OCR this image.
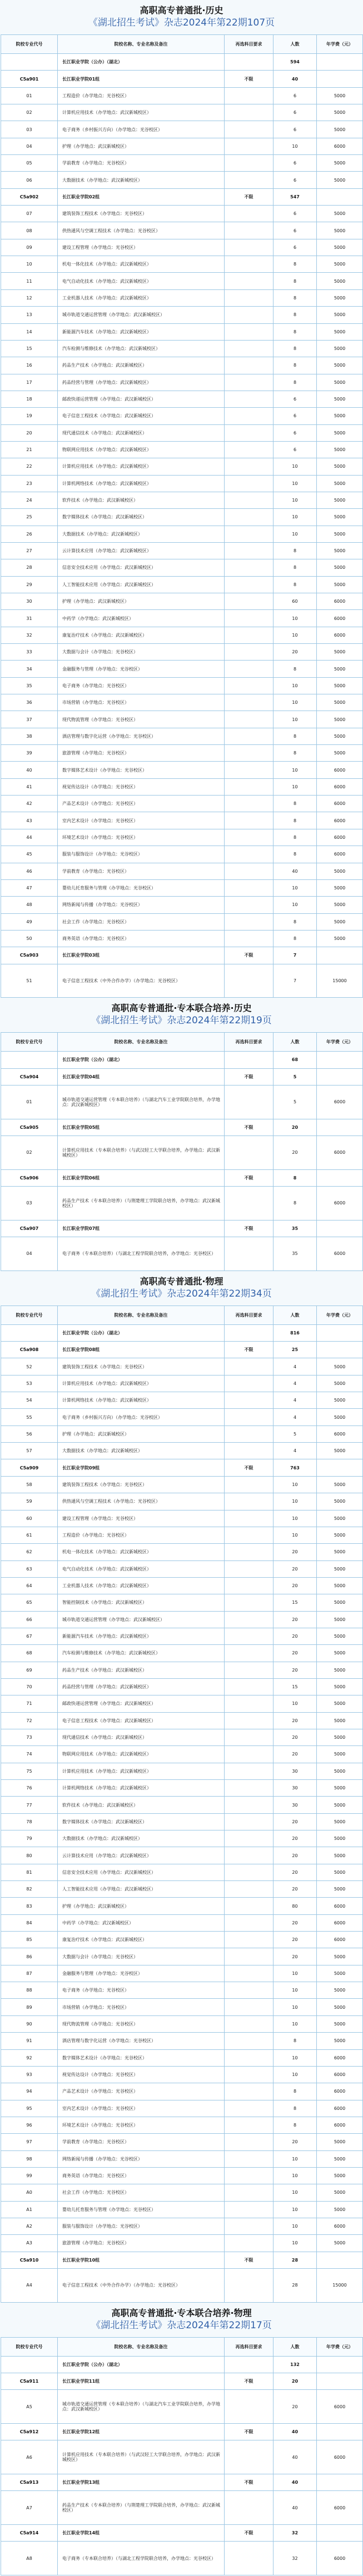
高职高专普通批·历史
《湖北招生考试》杂志2024年第22期107页
院校专业代号	院校名称、专业名称及备注	再选科目要求	人数	年学费（元）
	长江职业学院（公办）（湖北）		594	
C5a901	长江职业学院01组	不限	40	
01	工程造价（办学地点：光谷校区）		6	5000
02	计算机应用技术（办学地点：武汉新城校区）		6	5000
03	电子商务（乡村振兴方向）（办学地点：光谷校区）		6	5000
04	护理（办学地点：武汉新城校区）		10	6000
05	学前教育（办学地点：光谷校区）		6	5000
06	大数据技术（办学地点：武汉新城校区）		6	5000
C5a902	长江职业学院02组	不限	547	
07	建筑装饰工程技术（办学地点：光谷校区）		6	5000
08	供热通风与空调工程技术（办学地点：光谷校区）		6	5000
09	建设工程管理（办学地点：光谷校区）		6	5000
10	机电一体化技术（办学地点：武汉新城校区）		8	5000
11	电气自动化技术（办学地点：武汉新城校区）		8	5000
12	工业机器人技术（办学地点：武汉新城校区）		8	5000
13	城市轨道交通运营管理（办学地点：武汉新城校区）		8	5000
14	新能源汽车技术（办学地点：武汉新城校区）		8	5000
15	汽车检测与维修技术（办学地点：武汉新城校区）		8	5000
16	药品生产技术（办学地点：武汉新城校区）		8	5000
17	药品经营与管理（办学地点：武汉新城校区）		8	5000
18	邮政快递运营管理（办学地点：武汉新城校区）		6	5000
19	电子信息工程技术（办学地点：武汉新城校区）		6	5000
20	现代通信技术（办学地点：武汉新城校区）		6	5000
21	物联网应用技术（办学地点：武汉新城校区）		6	5000
22	计算机应用技术（办学地点：武汉新城校区）		10	5000
23	计算机网络技术（办学地点：武汉新城校区）		10	5000
24	软件技术（办学地点：武汉新城校区）		10	5000
25	数字媒体技术（办学地点：武汉新城校区）		10	5000
26	大数据技术（办学地点：武汉新城校区）		10	5000
27	云计算技术应用（办学地点：武汉新城校区）		8	5000
28	信息安全技术应用（办学地点：武汉新城校区）		8	5000
29	人工智能技术应用（办学地点：武汉新城校区）		8	5000
30	护理（办学地点：武汉新城校区）		60	6000
31	中药学（办学地点：武汉新城校区）		10	6000
32	康复治疗技术（办学地点：武汉新城校区）		10	6000
33	大数据与会计（办学地点：光谷校区）		20	5000
34	金融服务与管理（办学地点：光谷校区）		8	5000
35	电子商务（办学地点：光谷校区）		10	5000
36	市场营销（办学地点：光谷校区）		10	5000
37	现代物流管理（办学地点：光谷校区）		10	5000
38	酒店管理与数字化运营（办学地点：光谷校区）		8	5000
39	旅游管理（办学地点：光谷校区）		8	5000
40	数字媒体艺术设计（办学地点：光谷校区）		10	6000
41	视觉传达设计（办学地点：光谷校区）		10	6000
42	产品艺术设计（办学地点：光谷校区）		8	6000
43	室内艺术设计（办学地点：光谷校区）		8	6000
44	环境艺术设计（办学地点：光谷校区）		8	6000
45	服装与服饰设计（办学地点：光谷校区）		8	6000
46	学前教育（办学地点：光谷校区）		40	5000
47	婴幼儿托育服务与管理（办学地点：光谷校区）		10	5000
48	网络新闻与传播（办学地点：光谷校区）		10	5000
49	社会工作（办学地点：光谷校区）		8	5000
50	商务英语（办学地点：光谷校区）		8	5000
C5a903	长江职业学院03组	不限	7	
51	电子信息工程技术（中外合作办学）（办学地点：光谷校区）		7	15000
高职高专普通批·专本联合培养·历史
《湖北招生考试》杂志2024年第22期19页
院校专业代号	院校名称、专业名称及备注	再选科目要求	人数	年学费（元）
	长江职业学院（公办）（湖北）		68	
C5a904	长江职业学院04组	不限	5	
01	城市轨道交通运营管理（专本联合培养）（与湖北汽车工业学院联合培养，办学地点：武汉新城校区）		5	6000
C5a905	长江职业学院05组	不限	20	
02	计算机应用技术（专本联合培养）（与武汉轻工大学联合培养，办学地点：武汉新城校区）		20	6000
C5a906	长江职业学院06组	不限	8	
03	药品生产技术（专本联合培养）（与荆楚理工学院联合培养，办学地点：武汉新城校区）		8	6000
C5a907	长江职业学院07组	不限	35	
04	电子商务（专本联合培养）（与湖北工程学院联合培养，办学地点：光谷校区）		35	6000
高职高专普通批·物理
《湖北招生考试》杂志2024年第22期34页
院校专业代号	院校名称、专业名称及备注	再选科目要求	人数	年学费（元）
	长江职业学院（公办）（湖北）		816	
C5a908	长江职业学院08组	不限	25	
52	建筑装饰工程技术（办学地点：光谷校区）		4	5000
53	计算机应用技术（办学地点：武汉新城校区）		4	5000
54	计算机网络技术（办学地点：武汉新城校区）		4	5000
55	电子商务（乡村振兴方向）（办学地点：光谷校区）		4	5000
56	护理（办学地点：武汉新城校区）		5	6000
57	大数据技术（办学地点：武汉新城校区）		4	5000
C5a909	长江职业学院09组	不限	763	
58	建筑装饰工程技术（办学地点：光谷校区）		10	5000
59	供热通风与空调工程技术（办学地点：光谷校区）		10	5000
60	建设工程管理（办学地点：光谷校区）		10	5000
61	工程造价（办学地点：光谷校区）		10	5000
62	机电一体化技术（办学地点：武汉新城校区）		20	5000
63	电气自动化技术（办学地点：武汉新城校区）		20	5000
64	工业机器人技术（办学地点：武汉新城校区）		20	5000
65	智能控制技术（办学地点：武汉新城校区）		15	5000
66	城市轨道交通运营管理（办学地点：武汉新城校区）		20	5000
67	新能源汽车技术（办学地点：武汉新城校区）		20	5000
68	汽车检测与维修技术（办学地点：武汉新城校区）		20	5000
69	药品生产技术（办学地点：武汉新城校区）		20	5000
70	药品经营与管理（办学地点：武汉新城校区）		15	5000
71	邮政快递运营管理（办学地点：武汉新城校区）		10	5000
72	电子信息工程技术（办学地点：武汉新城校区）		20	5000
73	现代通信技术（办学地点：武汉新城校区）		20	5000
74	物联网应用技术（办学地点：武汉新城校区）		20	5000
75	计算机应用技术（办学地点：武汉新城校区）		30	5000
76	计算机网络技术（办学地点：武汉新城校区）		30	5000
77	软件技术（办学地点：武汉新城校区）		30	5000
78	数字媒体技术（办学地点：武汉新城校区）		20	5000
79	大数据技术（办学地点：武汉新城校区）		20	5000
80	云计算技术应用（办学地点：武汉新城校区）		20	5000
81	信息安全技术应用（办学地点：武汉新城校区）		20	5000
82	人工智能技术应用（办学地点：武汉新城校区）		20	5000
83	护理（办学地点：武汉新城校区）		80	6000
84	中药学（办学地点：武汉新城校区）		20	6000
85	康复治疗技术（办学地点：武汉新城校区）		20	6000
86	大数据与会计（办学地点：光谷校区）		20	5000
87	金融服务与管理（办学地点：光谷校区）		10	5000
88	电子商务（办学地点：光谷校区）		10	5000
89	市场营销（办学地点：光谷校区）		10	5000
90	现代物流管理（办学地点：光谷校区）		10	5000
91	酒店管理与数字化运营（办学地点：光谷校区）		8	5000
92	数字媒体艺术设计（办学地点：光谷校区）		10	6000
93	视觉传达设计（办学地点：光谷校区）		10	6000
94	产品艺术设计（办学地点：光谷校区）		8	6000
95	室内艺术设计（办学地点：光谷校区）		8	6000
96	环境艺术设计（办学地点：光谷校区）		8	6000
97	学前教育（办学地点：光谷校区）		20	5000
98	网络新闻与传播（办学地点：光谷校区）		10	5000
99	商务英语（办学地点：光谷校区）		10	5000
A0	社会工作（办学地点：光谷校区）		10	5000
A1	婴幼儿托育服务与管理（办学地点：光谷校区）		10	5000
A2	服装与服饰设计（办学地点：光谷校区）		10	6000
A3	旅游管理（办学地点：光谷校区）		10	5000
C5a910	长江职业学院10组	不限	28	
A4	电子信息工程技术（中外合作办学）（办学地点：光谷校区）		28	15000
高职高专普通批·专本联合培养·物理
《湖北招生考试》杂志2024年第22期17页
院校专业代号	院校名称、专业名称及备注	再选科目要求	人数	年学费（元）
	长江职业学院（公办）（湖北）		132	
C5a911	长江职业学院11组	不限	20	
A5	城市轨道交通运营管理（专本联合培养）（与湖北汽车工业学院联合培养，办学地点：武汉新城校区）		20	6000
C5a912	长江职业学院12组	不限	40	
A6	计算机应用技术（专本联合培养）（与武汉轻工大学联合培养，办学地点：武汉新城校区）		40	6000
C5a913	长江职业学院13组	不限	40	
A7	药品生产技术（专本联合培养）（与荆楚理工学院联合培养，办学地点：武汉新城校区）		40	6000
C5a914	长江职业学院14组	不限	32	
A8	电子商务（专本联合培养）（与湖北工程学院联合培养，办学地点：光谷校区）		32	6000
